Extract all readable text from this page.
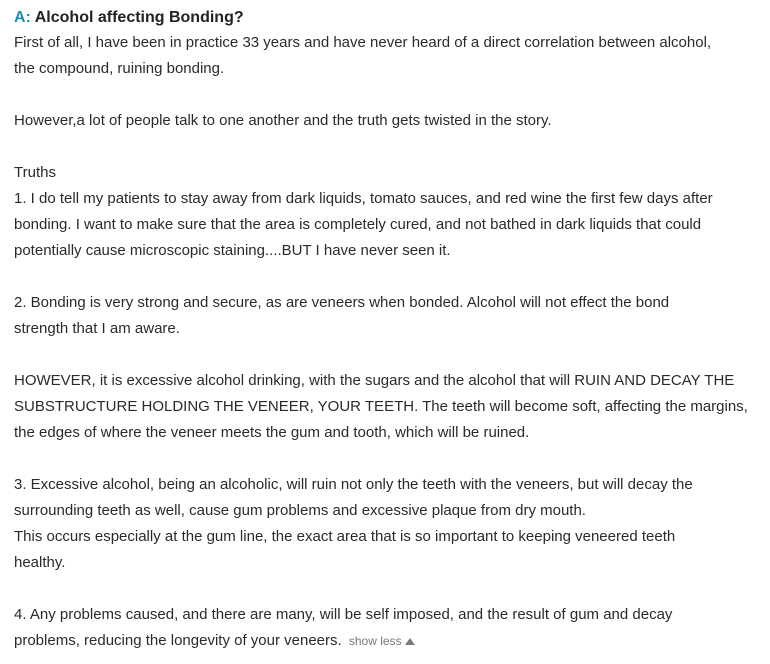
A: Alcohol affecting Bonding?
First of all, I have been in practice 33 years and have never heard of a direct correlation between alcohol,
the compound, ruining bonding.
However,a lot of people talk to one another and the truth gets twisted in the story.
Truths
1. I do tell my patients to stay away from dark liquids, tomato sauces, and red wine the first few days after
bonding. I want to make sure that the area is completely cured, and not bathed in dark liquids that could
potentially cause microscopic staining....BUT I have never seen it.
2. Bonding is very strong and secure, as are veneers when bonded. Alcohol will not effect the bond
strength that I am aware.
HOWEVER, it is excessive alcohol drinking, with the sugars and the alcohol that will RUIN AND DECAY THE
SUBSTRUCTURE HOLDING THE VENEER, YOUR TEETH. The teeth will become soft, affecting the margins,
the edges of where the veneer meets the gum and tooth, which will be ruined.
3. Excessive alcohol, being an alcoholic, will ruin not only the teeth with the veneers, but will decay the
surrounding teeth as well, cause gum problems and excessive plaque from dry mouth.
This occurs especially at the gum line, the exact area that is so important to keeping veneered teeth
healthy.
4. Any problems caused, and there are many, will be self imposed, and the result of gum and decay
problems, reducing the longevity of your veneers. show less
